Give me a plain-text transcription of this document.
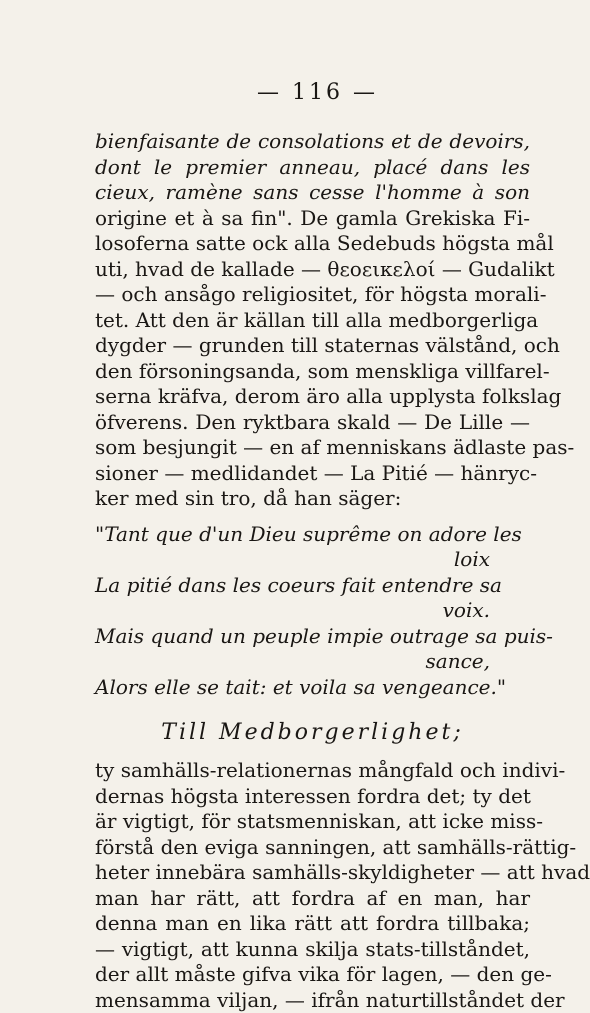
— 116 —
bienfaisante de consolations et de devoirs,
dont le premier anneau, placé dans les
cieux, ramène sans cesse l'homme à son
origine et à sa fin". De gamla Grekiska Fi-
losoferna satte ock alla Sedebuds högsta mål
uti, hvad de kallade — θεοεικελοί — Gudalikt
— och ansågo religiositet, för högsta morali-
tet. Att den är källan till alla medborgerliga
dygder — grunden till staternas välstånd, och
den försoningsanda, som menskliga villfarel-
serna kräfva, derom äro alla upplysta folkslag
öfverens. Den ryktbara skald — De Lille —
som besjungit — en af menniskans ädlaste pas-
sioner — medlidandet — La Pitié — hänryc-
ker med sin tro, då han säger:
"Tant que d'un Dieu suprême on adore les
loix
La pitié dans les coeurs fait entendre sa
voix.
Mais quand un peuple impie outrage sa puis-
sance,
Alors elle se tait: et voila sa vengeance."
Till Medborgerlighet;
ty samhälls-relationernas mångfald och indivi-
dernas högsta interessen fordra det; ty det
är vigtigt, för statsmenniskan, att icke miss-
förstå den eviga sanningen, att samhälls-rättig-
heter innebära samhälls-skyldigheter — att hvad
man har rätt, att fordra af en man, har
denna man en lika rätt att fordra tillbaka;
— vigtigt, att kunna skilja stats-tillståndet,
der allt måste gifva vika för lagen, — den ge-
mensamma viljan, — ifrån naturtillståndet der
